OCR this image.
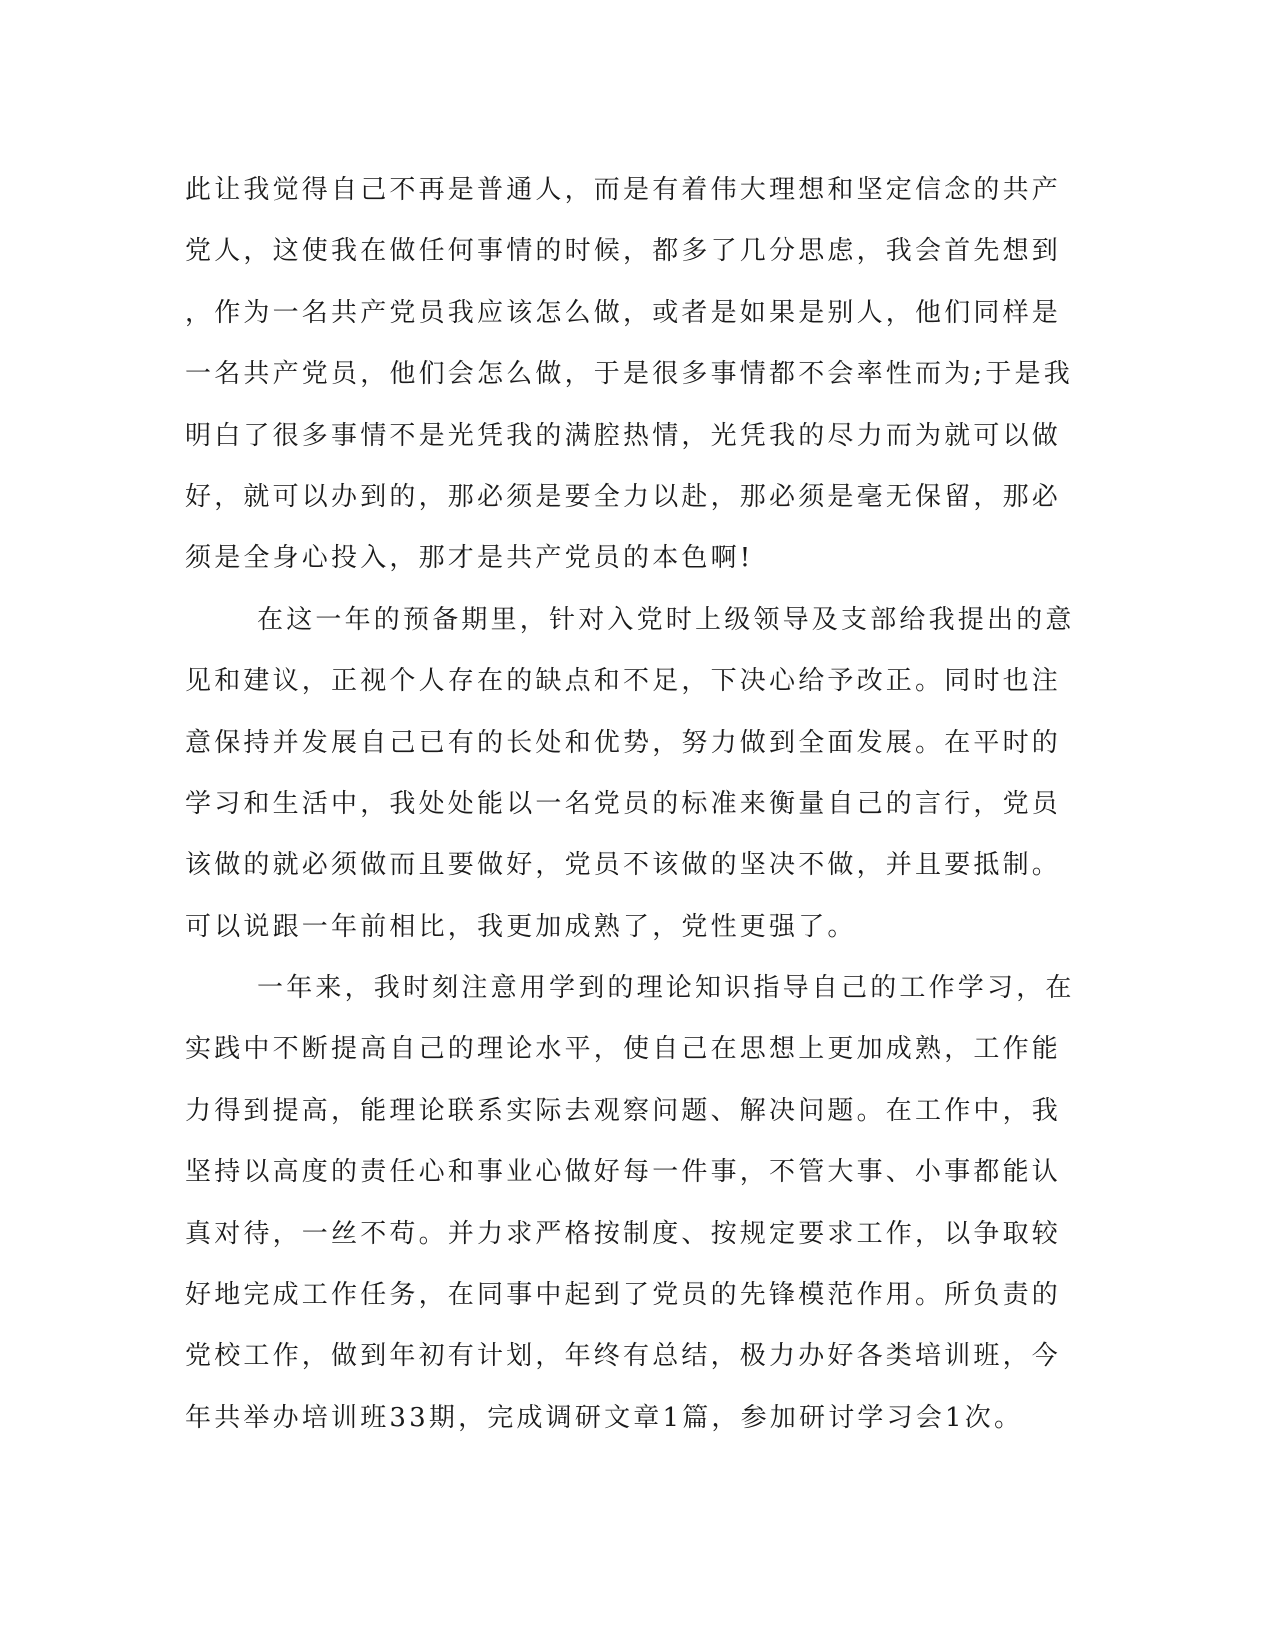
此让我觉得自己不再是普通人，而是有着伟大理想和坚定信念的共产
党人，这使我在做任何事情的时候，都多了几分思虑，我会首先想到
，作为一名共产党员我应该怎么做，或者是如果是别人，他们同样是
一名共产党员，他们会怎么做，于是很多事情都不会率性而为;于是我
明白了很多事情不是光凭我的满腔热情，光凭我的尽力而为就可以做
好，就可以办到的，那必须是要全力以赴，那必须是毫无保留，那必
须是全身心投入，那才是共产党员的本色啊!
在这一年的预备期里，针对入党时上级领导及支部给我提出的意
见和建议，正视个人存在的缺点和不足，下决心给予改正。同时也注
意保持并发展自己已有的长处和优势，努力做到全面发展。在平时的
学习和生活中，我处处能以一名党员的标准来衡量自己的言行，党员
该做的就必须做而且要做好，党员不该做的坚决不做，并且要抵制。
可以说跟一年前相比，我更加成熟了，党性更强了。
一年来，我时刻注意用学到的理论知识指导自己的工作学习，在
实践中不断提高自己的理论水平，使自己在思想上更加成熟，工作能
力得到提高，能理论联系实际去观察问题、解决问题。在工作中，我
坚持以高度的责任心和事业心做好每一件事，不管大事、小事都能认
真对待，一丝不苟。并力求严格按制度、按规定要求工作，以争取较
好地完成工作任务，在同事中起到了党员的先锋模范作用。所负责的
党校工作，做到年初有计划，年终有总结，极力办好各类培训班，今
年共举办培训班33期，完成调研文章1篇，参加研讨学习会1次。
